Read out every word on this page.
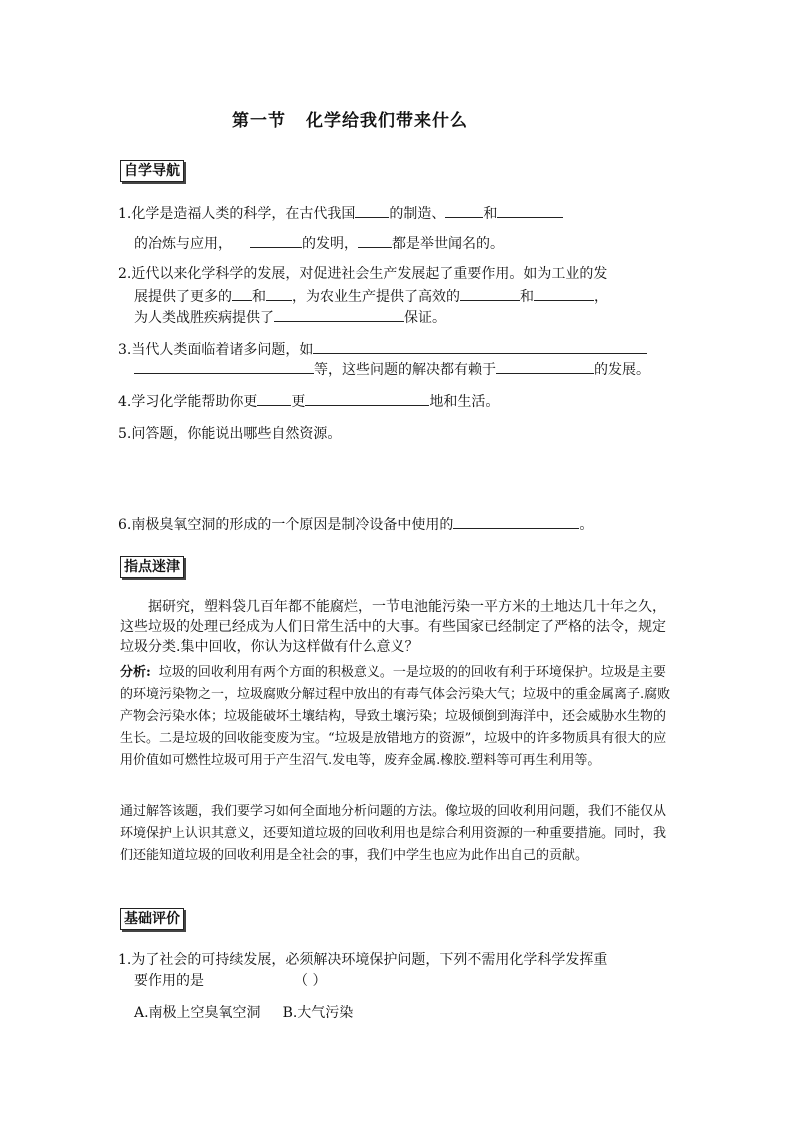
第一节 化学给我们带来什么
自学导航
1.化学是造福人类的科学，在古代我国 的制造、	和
的冶炼与应用，	的发明， 都是举世闻名的。
2.近代以来化学科学的发展，对促进社会生产发展起了重要作用。如为工业的发
展提供了更多的 和 ，为农业生产提供了高效的	和	，
为人类战胜疾病提供了	保证。
3.当代人类面临着诸多问题，如
等，这些问题的解决都有赖于	的发展。
4.学习化学能帮助你更 更	地和生活。
5.问答题，你能说出哪些自然资源。
6.南极臭氧空洞的形成的一个原因是制冷设备中使用的	。
指点迷津
据研究，塑料袋几百年都不能腐烂，一节电池能污染一平方米的土地达几十年之久，这些垃圾的处理已经成为人们日常生活中的大事。有些国家已经制定了严格的法令，规定垃圾分类.集中回收，你认为这样做有什么意义？
分析: 垃圾的回收利用有两个方面的积极意义。一是垃圾的的回收有利于环境保护。垃圾是主要的环境污染物之一，垃圾腐败分解过程中放出的有毒气体会污染大气；垃圾中的重金属离子.腐败产物会污染水体；垃圾能破坏土壤结构，导致土壤污染；垃圾倾倒到海洋中，还会威胁水生物的生长。二是垃圾的回收能变废为宝。“垃圾是放错地方的资源”，垃圾中的许多物质具有很大的应用价值如可燃性垃圾可用于产生沼气.发电等，废弃金属.橡胶.塑料等可再生利用等。
通过解答该题，我们要学习如何全面地分析问题的方法。像垃圾的回收利用问题，我们不能仅从环境保护上认识其意义，还要知道垃圾的回收利用也是综合利用资源的一种重要措施。同时，我们还能知道垃圾的回收利用是全社会的事，我们中学生也应为此作出自己的贡献。
基础评价
1.为了社会的可持续发展，必须解决环境保护问题，下列不需用化学科学发挥重
要作用的是	（ ）
A.南极上空臭氧空洞 B.大气污染
